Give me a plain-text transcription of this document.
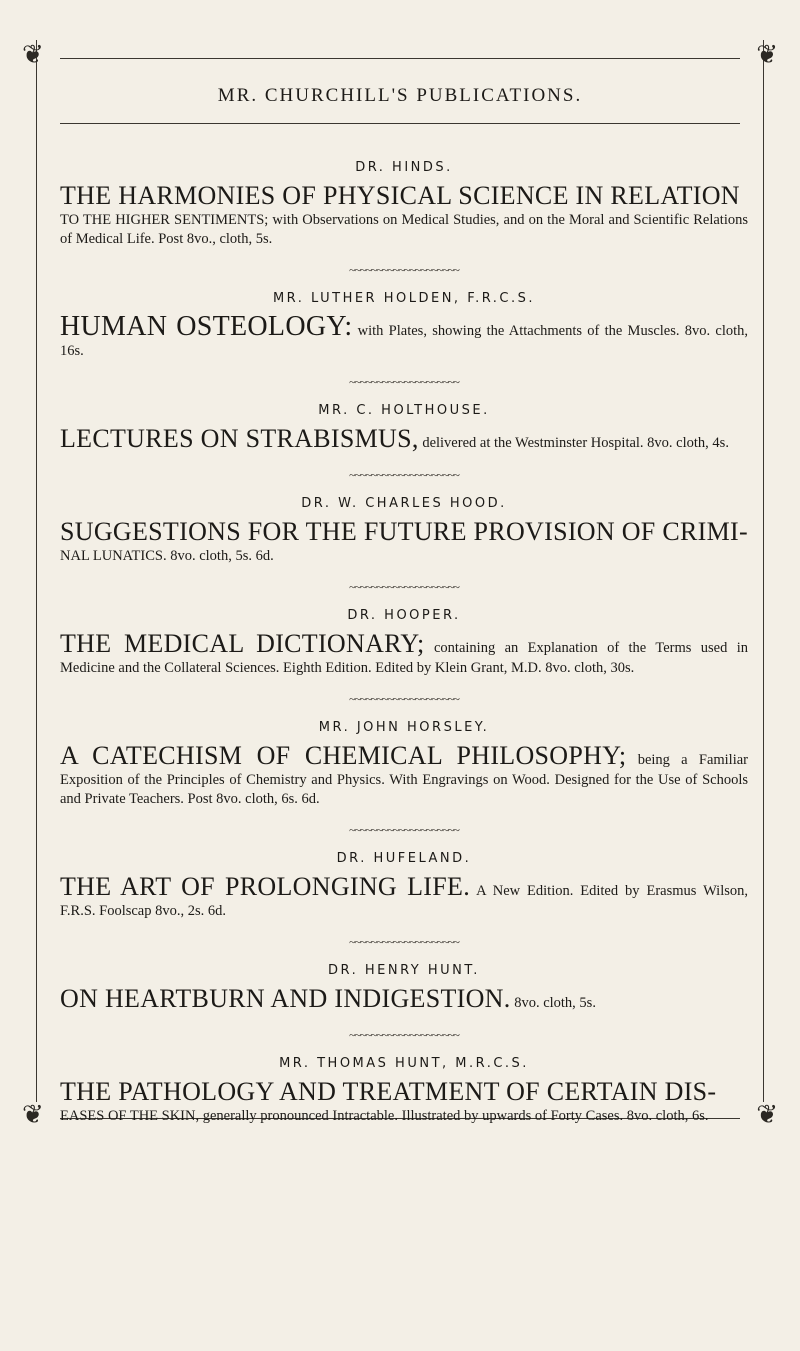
❦	❦
❦	❦
MR. CHURCHILL'S PUBLICATIONS.
DR. HINDS.

THE HARMONIES OF PHYSICAL SCIENCE IN RELATION
TO THE HIGHER SENTIMENTS; with Observations on Medical Studies, and on the Moral and Scientific Relations of Medical Life. Post 8vo., cloth, 5s.

~~~~~~~~~~~~~~~~~~~~
MR. LUTHER HOLDEN, F.R.C.S.

HUMAN OSTEOLOGY: with Plates, showing the Attachments of the Muscles. 8vo. cloth, 16s.

~~~~~~~~~~~~~~~~~~~~
MR. C. HOLTHOUSE.

LECTURES ON STRABISMUS, delivered at the Westminster Hospital. 8vo. cloth, 4s.

~~~~~~~~~~~~~~~~~~~~
DR. W. CHARLES HOOD.

SUGGESTIONS FOR THE FUTURE PROVISION OF CRIMI-
NAL LUNATICS. 8vo. cloth, 5s. 6d.

~~~~~~~~~~~~~~~~~~~~
DR. HOOPER.

THE MEDICAL DICTIONARY; containing an Explanation of the Terms used in Medicine and the Collateral Sciences. Eighth Edition. Edited by Klein Grant, M.D. 8vo. cloth, 30s.

~~~~~~~~~~~~~~~~~~~~
MR. JOHN HORSLEY.

A CATECHISM OF CHEMICAL PHILOSOPHY; being a Familiar Exposition of the Principles of Chemistry and Physics. With Engravings on Wood. Designed for the Use of Schools and Private Teachers. Post 8vo. cloth, 6s. 6d.

~~~~~~~~~~~~~~~~~~~~
DR. HUFELAND.

THE ART OF PROLONGING LIFE. A New Edition. Edited by Erasmus Wilson, F.R.S. Foolscap 8vo., 2s. 6d.

~~~~~~~~~~~~~~~~~~~~
DR. HENRY HUNT.

ON HEARTBURN AND INDIGESTION. 8vo. cloth, 5s.

~~~~~~~~~~~~~~~~~~~~
MR. THOMAS HUNT, M.R.C.S.

THE PATHOLOGY AND TREATMENT OF CERTAIN DIS-
EASES OF THE SKIN, generally pronounced Intractable. Illustrated by upwards of Forty Cases. 8vo. cloth, 6s.
